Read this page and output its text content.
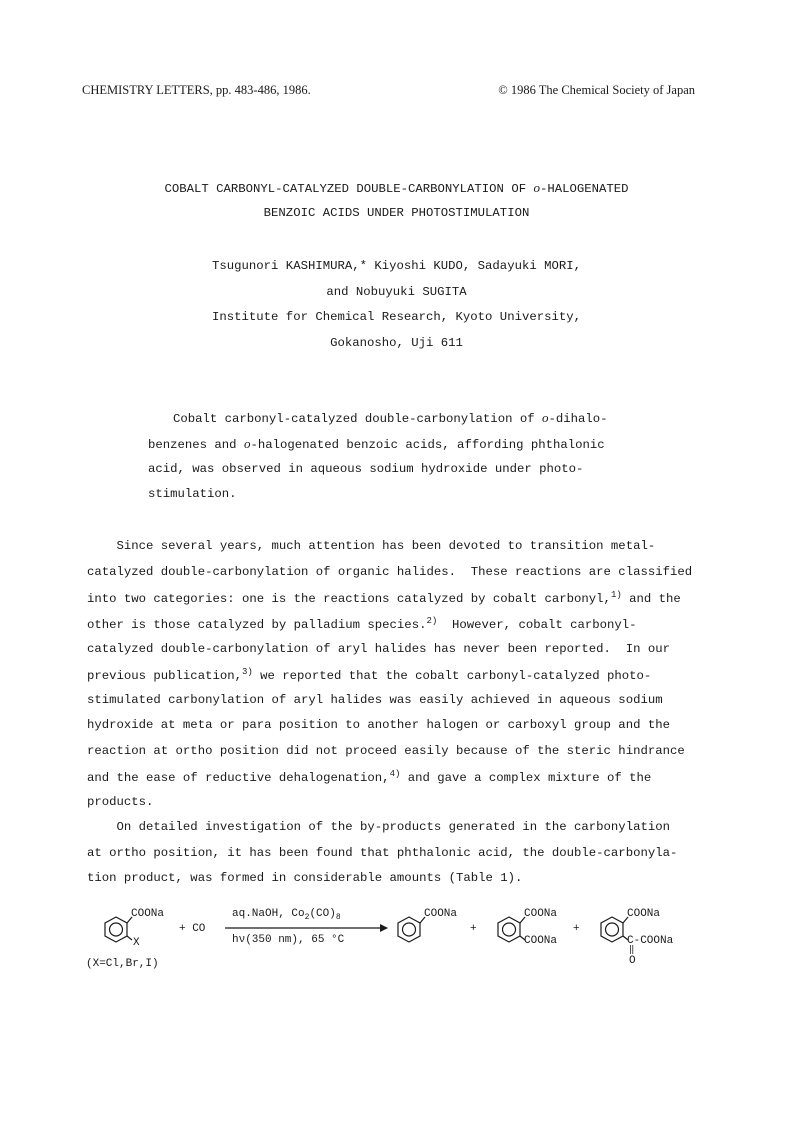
CHEMISTRY LETTERS, pp. 483-486, 1986.	© 1986 The Chemical Society of Japan
COBALT CARBONYL-CATALYZED DOUBLE-CARBONYLATION OF o-HALOGENATED
BENZOIC ACIDS UNDER PHOTOSTIMULATION
Tsugunori KASHIMURA,* Kiyoshi KUDO, Sadayuki MORI,
and Nobuyuki SUGITA
Institute for Chemical Research, Kyoto University,
Gokanosho, Uji 611
Cobalt carbonyl-catalyzed double-carbonylation of o-dihalo-
benzenes and o-halogenated benzoic acids, affording phthalonic
acid, was observed in aqueous sodium hydroxide under photo-
stimulation.
Since several years, much attention has been devoted to transition metal-
catalyzed double-carbonylation of organic halides.  These reactions are classified
into two categories: one is the reactions catalyzed by cobalt carbonyl,$^{1)}$ and the
other is those catalyzed by palladium species.$^{2)}$  However, cobalt carbonyl-
catalyzed double-carbonylation of aryl halides has never been reported.  In our
previous publication,$^{3)}$ we reported that the cobalt carbonyl-catalyzed photo-
stimulated carbonylation of aryl halides was easily achieved in aqueous sodium
hydroxide at meta or para position to another halogen or carboxyl group and the
reaction at ortho position did not proceed easily because of the steric hindrance
and the ease of reductive dehalogenation,$^{4)}$ and gave a complex mixture of the
products.
On detailed investigation of the by-products generated in the carbonylation
at ortho position, it has been found that phthalonic acid, the double-carbonyla-
tion product, was formed in considerable amounts (Table 1).
COONa
X
+ CO
aq.NaOH, $Co_2(CO)_8$
hν(350 nm), 65 °C
(X=Cl,Br,I)
COONa
+
COONa
COONa
+
COONa
C-COONa
‖
O
